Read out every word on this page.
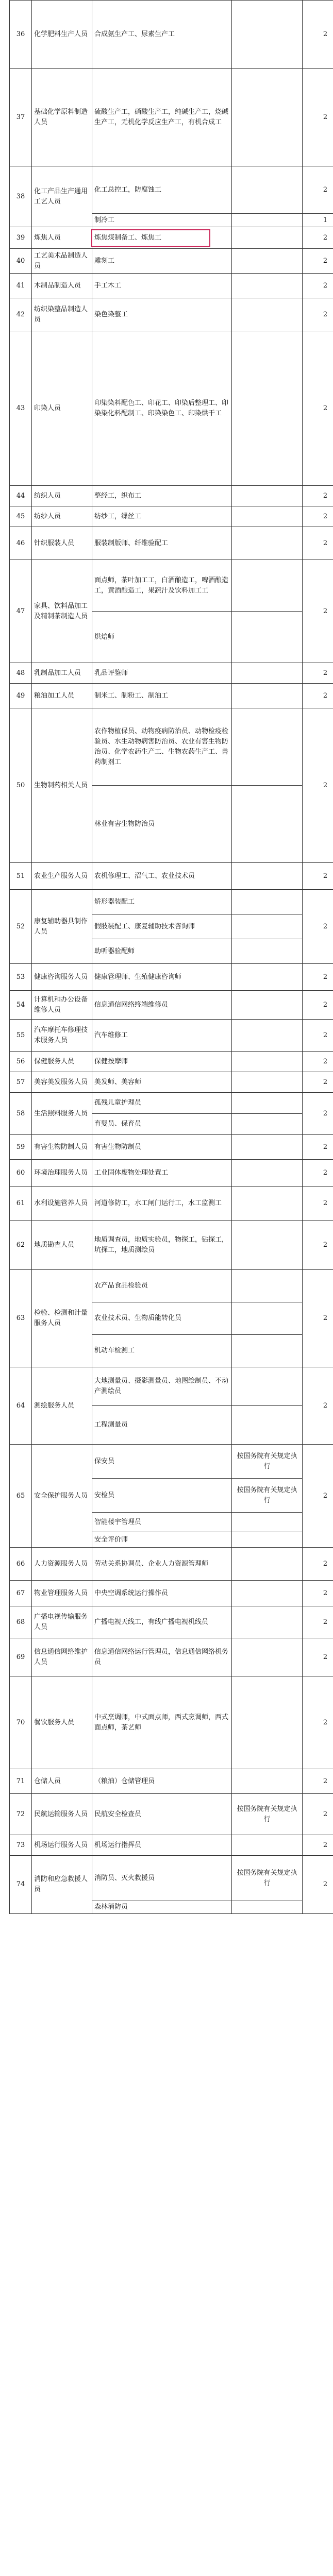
36	化学肥料生产人员	合成氨生产工、尿素生产工		2
37	基础化学原料制造人员	硫酸生产工，硝酸生产工，纯碱生产工，烧碱生产工，无机化学反应生产工，有机合成工		2
38	化工产品生产通用工艺人员	化工总控工，防腐蚀工		2
		制冷工		1
39	炼焦人员	炼焦煤制备工、炼焦工		2
40	工艺美术品制造人员	雕刻工		2
41	木制品制造人员	手工木工		2
42	纺织染整品制造人员	染色染整工		2
43	印染人员	印染染料配色工、印花工、印染后整理工、印染染化料配制工、印染染色工、印染烘干工		2
44	纺织人员	整经工，织布工		2
45	纺纱人员	纺纱工，缫丝工		2
46	针织服装人员	服装制版师、纤维验配工		2
47	家具、饮料品加工及精制茶制造人员	面点师，茶叶加工工，白酒酿造工，啤酒酿造工，黄酒酿造工，果蔬汁及饮料加工工		2
		烘焙师		
48	乳制品加工人员	乳品评鉴师		2
49	粮油加工人员	制米工、制粉工、制油工		2
50	生物制药相关人员	农作物植保员、动物疫病防治员、动物检疫检验员、水生动物病害防治员、农业有害生物防治员、化学农药生产工、生物农药生产工、兽药制剂工		2
		林业有害生物防治员		
51	农业生产服务人员	农机修理工、沼气工、农业技术员		2
52	康复辅助器具制作人员	矫形器装配工		2
		假肢装配工、康复辅助技术咨询师		
		助听器验配师		
53	健康咨询服务人员	健康管理师、生殖健康咨询师		2
54	计算机和办公设备维修人员	信息通信网络终端维修员		2
55	汽车摩托车修理技术服务人员	汽车维修工		2
56	保健服务人员	保健按摩师		2
57	美容美发服务人员	美发师、美容师		2
58	生活照料服务人员	孤残儿童护理员		2
		育婴员、保育员		
59	有害生物防制人员	有害生物防制员		2
60	环境治理服务人员	工业固体废物处理处置工		2
61	水利设施管养人员	河道修防工，水工闸门运行工，水工监测工		2
62	地质勘查人员	地质调查员，地质实验员，物探工，钻探工，坑探工，地质测绘员		2
63	检验、检测和计量服务人员	农产品食品检验员		2
		农业技术员、生物质能转化员		
		机动车检测工		
64	测绘服务人员	大地测量员、摄影测量员、地图绘制员、不动产测绘员		2
		工程测量员		
65	安全保护服务人员	保安员	按国务院有关规定执行	2
		安检员	按国务院有关规定执行	
		智能楼宇管理员		
		安全评价师		
66	人力资源服务人员	劳动关系协调员、企业人力资源管理师		2
67	物业管理服务人员	中央空调系统运行操作员		2
68	广播电视传输服务人员	广播电视天线工，有线广播电视机线员		2
69	信息通信网络维护人员	信息通信网络运行管理员，信息通信网络机务员		2
70	餐饮服务人员	中式烹调师，中式面点师，西式烹调师，西式面点师，茶艺师		2
71	仓储人员	（粮油）仓储管理员		2
72	民航运输服务人员	民航安全检查员	按国务院有关规定执行	2
73	机场运行服务人员	机场运行指挥员		2
74	消防和应急救援人员	消防员、灭火救援员	按国务院有关规定执行	2
		森林消防员		
